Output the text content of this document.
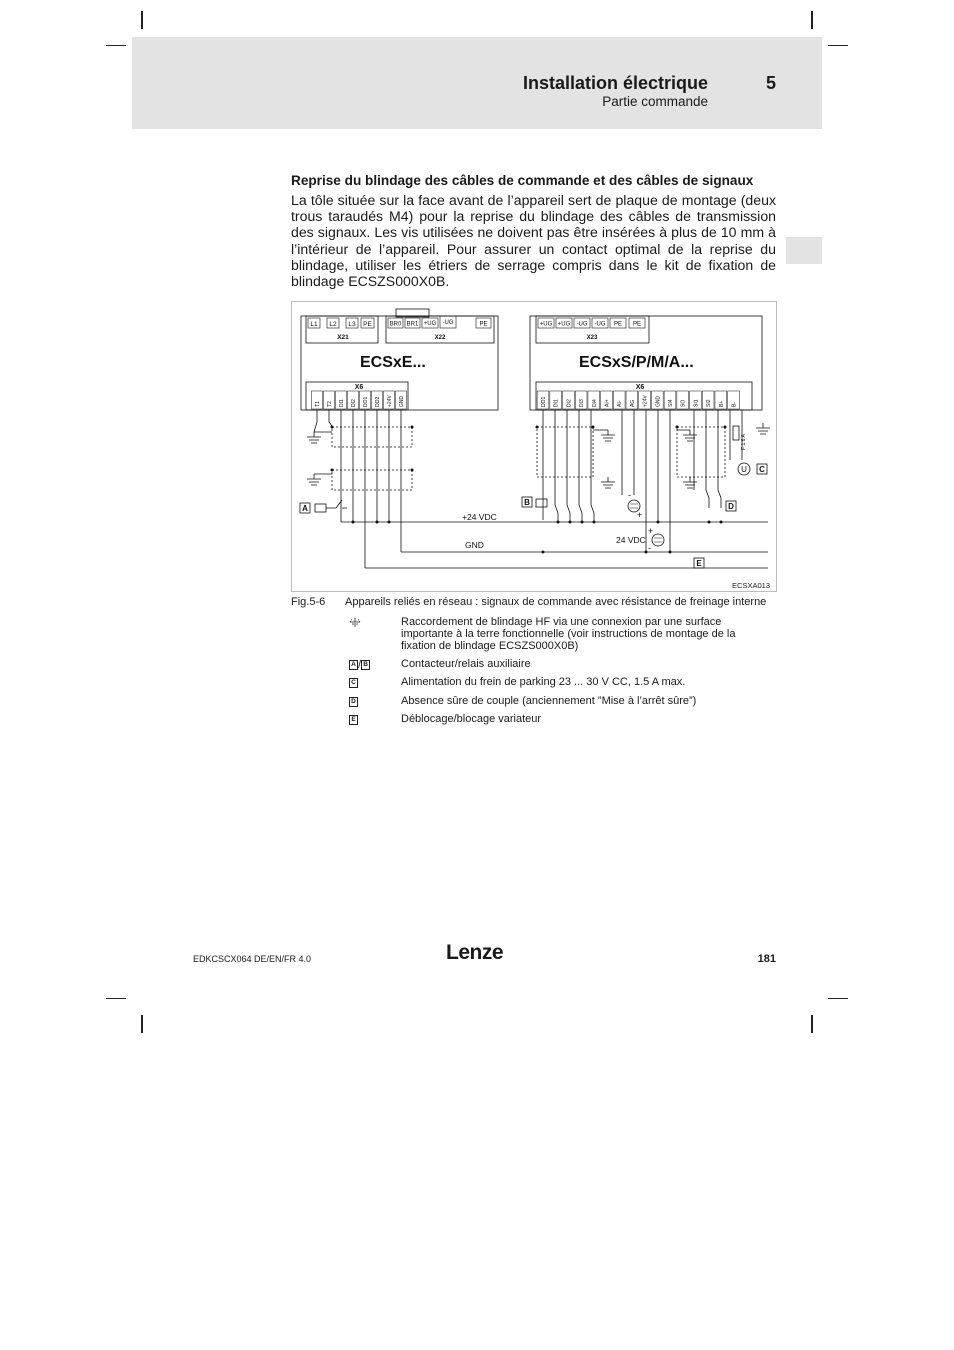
Installation électrique	5
Partie commande
Reprise du blindage des câbles de commande et des câbles de signaux
La tôle située sur la face avant de l’appareil sert de plaque de montage (deux trous taraudés M4) pour la reprise du blindage des câbles de transmission des signaux. Les vis utilisées ne doivent pas être insérées à plus de 10 mm à l’intérieur de l’appareil. Pour assurer un contact optimal de la reprise du blindage, utiliser les étriers de serrage compris dans le kit de fixation de blindage ECSZS000X0B.
L1 L2 L3 PE
X21
BR0 BR1 +UG -UG	PE
X22
ECSxE...
X6
T1 T2 DI1 DI2 DO1 DO2 +24V GND
+UG +UG -UG -UG PE PE
X23
ECSxS/P/M/A...
X6
DO1 DI1 DI2 DI3 DI4 AI+ AI- AG +24V GND SI4 SO SI1 SI2 B+ B-
F 1.6 A
U
+
-
+
-
+24 VDC
GND	24 VDC
A
B
C
D
E
ECSXA013
Fig.5-6 Appareils reliés en réseau : signaux de commande avec résistance de freinage interne
Raccordement de blindage HF via une connexion par une surface importante à la terre fonctionnelle (voir instructions de montage de la fixation de blindage ECSZS000X0B)
A / B	Contacteur/relais auxiliaire
C	Alimentation du frein de parking 23 ... 30 V CC, 1.5 A max.
D	Absence sûre de couple (anciennement ”Mise à l’arrêt sûre”)
E	Déblocage/blocage variateur
EDKCSCX064 DE/EN/FR 4.0	Lenze	181
